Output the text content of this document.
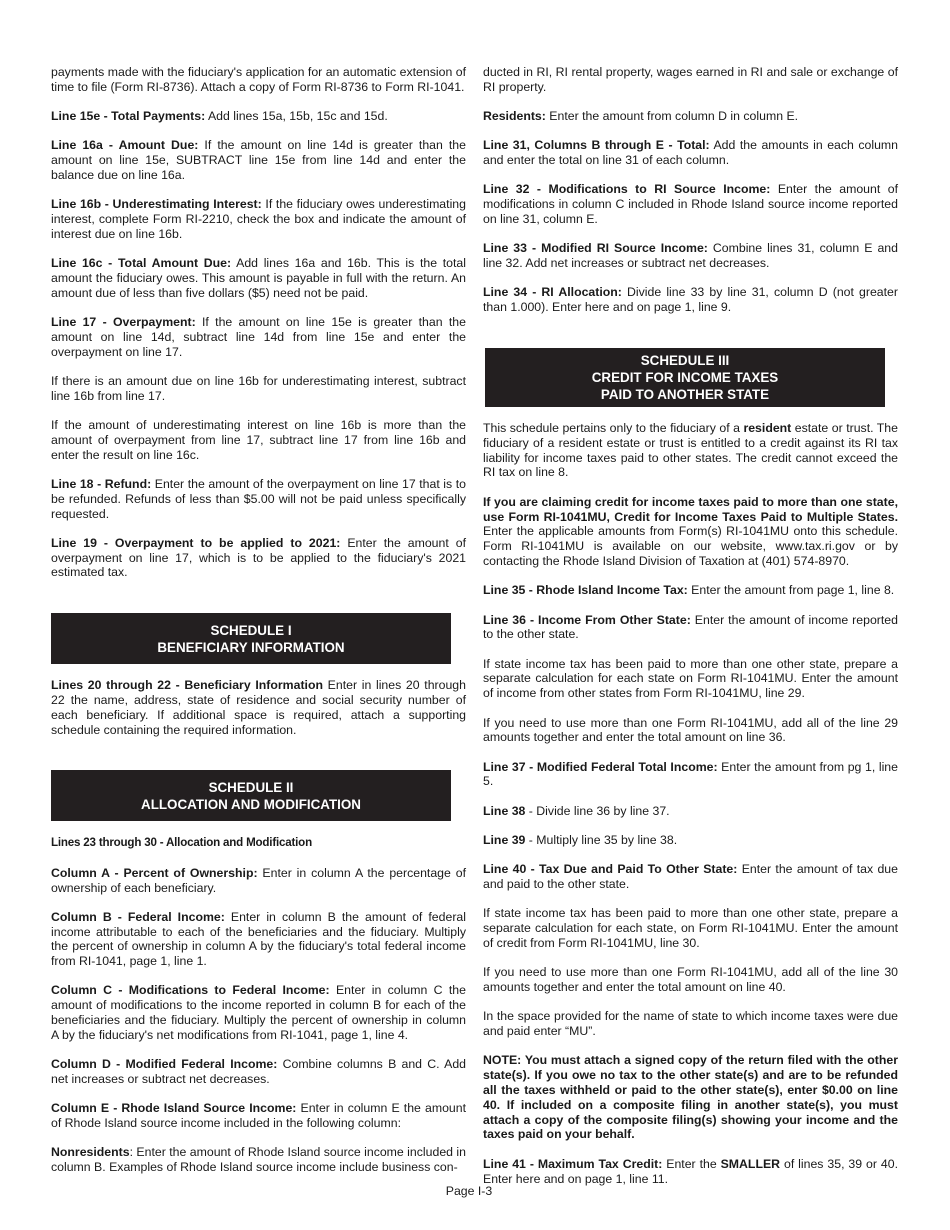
payments made with the fiduciary's application for an automatic extension of time to file (Form RI-8736). Attach a copy of Form RI-8736 to Form RI-1041.

Line 15e - Total Payments: Add lines 15a, 15b, 15c and 15d.

Line 16a - Amount Due: If the amount on line 14d is greater than the amount on line 15e, SUBTRACT line 15e from line 14d and enter the balance due on line 16a.

Line 16b - Underestimating Interest: If the fiduciary owes underestimating interest, complete Form RI-2210, check the box and indicate the amount of interest due on line 16b.

Line 16c - Total Amount Due: Add lines 16a and 16b. This is the total amount the fiduciary owes. This amount is payable in full with the return. An amount due of less than five dollars ($5) need not be paid.

Line 17 - Overpayment: If the amount on line 15e is greater than the amount on line 14d, subtract line 14d from line 15e and enter the overpayment on line 17.

If there is an amount due on line 16b for underestimating interest, subtract line 16b from line 17.

If the amount of underestimating interest on line 16b is more than the amount of overpayment from line 17, subtract line 17 from line 16b and enter the result on line 16c.

Line 18 - Refund: Enter the amount of the overpayment on line 17 that is to be refunded. Refunds of less than $5.00 will not be paid unless specifically requested.

Line 19 - Overpayment to be applied to 2021: Enter the amount of overpayment on line 17, which is to be applied to the fiduciary's 2021 estimated tax.

SCHEDULE I
BENEFICIARY INFORMATION

Lines 20 through 22 - Beneficiary Information Enter in lines 20 through 22 the name, address, state of residence and social security number of each beneficiary. If additional space is required, attach a supporting schedule containing the required information.

SCHEDULE II
ALLOCATION AND MODIFICATION

Lines 23 through 30 - Allocation and Modification

Column A - Percent of Ownership: Enter in column A the percentage of ownership of each beneficiary.

Column B - Federal Income: Enter in column B the amount of federal income attributable to each of the beneficiaries and the fiduciary. Multiply the percent of ownership in column A by the fiduciary's total federal income from RI-1041, page 1, line 1.

Column C - Modifications to Federal Income: Enter in column C the amount of modifications to the income reported in column B for each of the beneficiaries and the fiduciary. Multiply the percent of ownership in column A by the fiduciary's net modifications from RI-1041, page 1, line 4.

Column D - Modified Federal Income: Combine columns B and C. Add net increases or subtract net decreases.

Column E - Rhode Island Source Income: Enter in column E the amount of Rhode Island source income included in the following column:

Nonresidents: Enter the amount of Rhode Island source income included in column B. Examples of Rhode Island source income include business con-

ducted in RI, RI rental property, wages earned in RI and sale or exchange of RI property.

Residents: Enter the amount from column D in column E.

Line 31, Columns B through E - Total: Add the amounts in each column and enter the total on line 31 of each column.

Line 32 - Modifications to RI Source Income: Enter the amount of modifications in column C included in Rhode Island source income reported on line 31, column E.

Line 33 - Modified RI Source Income: Combine lines 31, column E and line 32. Add net increases or subtract net decreases.

Line 34 - RI Allocation: Divide line 33 by line 31, column D (not greater than 1.000). Enter here and on page 1, line 9.

SCHEDULE III
CREDIT FOR INCOME TAXES
PAID TO ANOTHER STATE

This schedule pertains only to the fiduciary of a resident estate or trust. The fiduciary of a resident estate or trust is entitled to a credit against its RI tax liability for income taxes paid to other states. The credit cannot exceed the RI tax on line 8.

If you are claiming credit for income taxes paid to more than one state, use Form RI-1041MU, Credit for Income Taxes Paid to Multiple States. Enter the applicable amounts from Form(s) RI-1041MU onto this schedule. Form RI-1041MU is available on our website, www.tax.ri.gov or by contacting the Rhode Island Division of Taxation at (401) 574-8970.

Line 35 - Rhode Island Income Tax: Enter the amount from page 1, line 8.

Line 36 - Income From Other State: Enter the amount of income reported to the other state.

If state income tax has been paid to more than one other state, prepare a separate calculation for each state on Form RI-1041MU. Enter the amount of income from other states from Form RI-1041MU, line 29.

If you need to use more than one Form RI-1041MU, add all of the line 29 amounts together and enter the total amount on line 36.

Line 37 - Modified Federal Total Income: Enter the amount from pg 1, line 5.

Line 38 - Divide line 36 by line 37.

Line 39 - Multiply line 35 by line 38.

Line 40 - Tax Due and Paid To Other State: Enter the amount of tax due and paid to the other state.

If state income tax has been paid to more than one other state, prepare a separate calculation for each state, on Form RI-1041MU. Enter the amount of credit from Form RI-1041MU, line 30.

If you need to use more than one Form RI-1041MU, add all of the line 30 amounts together and enter the total amount on line 40.

In the space provided for the name of state to which income taxes were due and paid enter “MU”.

NOTE: You must attach a signed copy of the return filed with the other state(s). If you owe no tax to the other state(s) and are to be refunded all the taxes withheld or paid to the other state(s), enter $0.00 on line 40. If included on a composite filing in another state(s), you must attach a copy of the composite filing(s) showing your income and the taxes paid on your behalf.

Line 41 - Maximum Tax Credit: Enter the SMALLER of lines 35, 39 or 40. Enter here and on page 1, line 11.

Page I-3
